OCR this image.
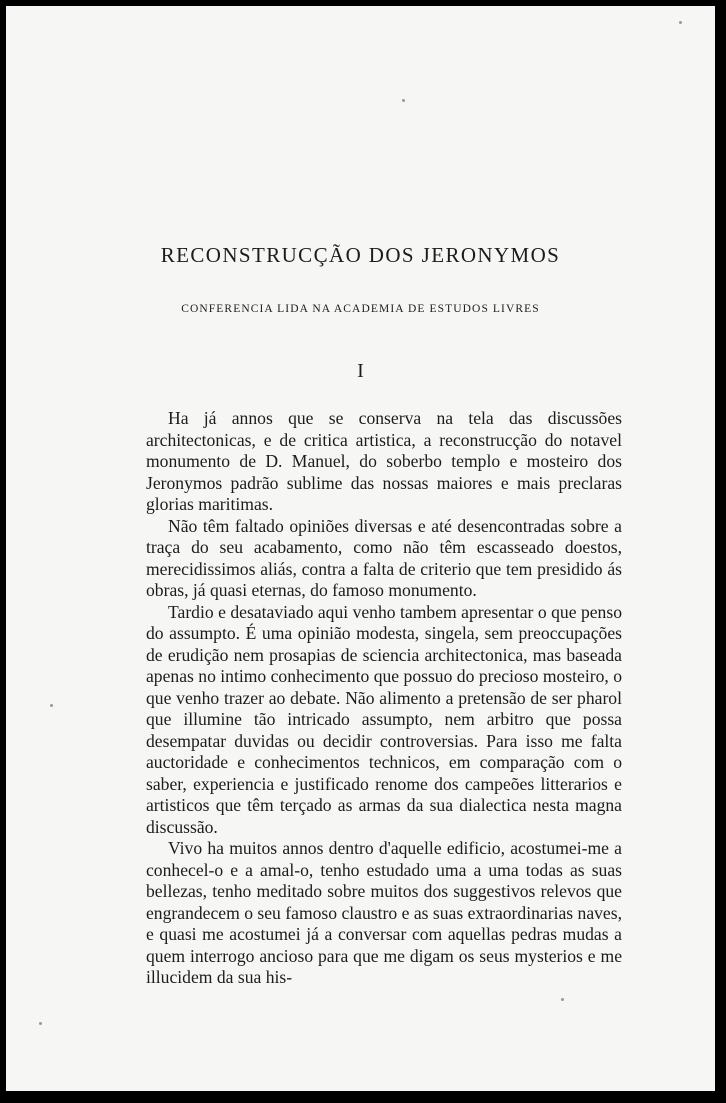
RECONSTRUCÇÃO DOS JERONYMOS
CONFERENCIA LIDA NA ACADEMIA DE ESTUDOS LIVRES
I

Ha já annos que se conserva na tela das discussões architectonicas, e de critica artistica, a reconstrucção do notavel monumento de D. Manuel, do soberbo templo e mosteiro dos Jeronymos padrão sublime das nossas maiores e mais preclaras glorias maritimas.

Não têm faltado opiniões diversas e até desencontradas sobre a traça do seu acabamento, como não têm escasseado doestos, merecidissimos aliás, contra a falta de criterio que tem presidido ás obras, já quasi eternas, do famoso monumento.

Tardio e desataviado aqui venho tambem apresentar o que penso do assumpto. É uma opinião modesta, singela, sem preoccupações de erudição nem prosapias de sciencia architectonica, mas baseada apenas no intimo conhecimento que possuo do precioso mosteiro, o que venho trazer ao debate. Não alimento a pretensão de ser pharol que illumine tão intricado assumpto, nem arbitro que possa desempatar duvidas ou decidir controversias. Para isso me falta auctoridade e conhecimentos technicos, em comparação com o saber, experiencia e justificado renome dos campeões litterarios e artisticos que têm terçado as armas da sua dialectica nesta magna discussão.

Vivo ha muitos annos dentro d'aquelle edificio, acostumei-me a conhecel-o e a amal-o, tenho estudado uma a uma todas as suas bellezas, tenho meditado sobre muitos dos suggestivos relevos que engrandecem o seu famoso claustro e as suas extraordinarias naves, e quasi me acostumei já a conversar com aquellas pedras mudas a quem interrogo ancioso para que me digam os seus mysterios e me illucidem da sua his-
